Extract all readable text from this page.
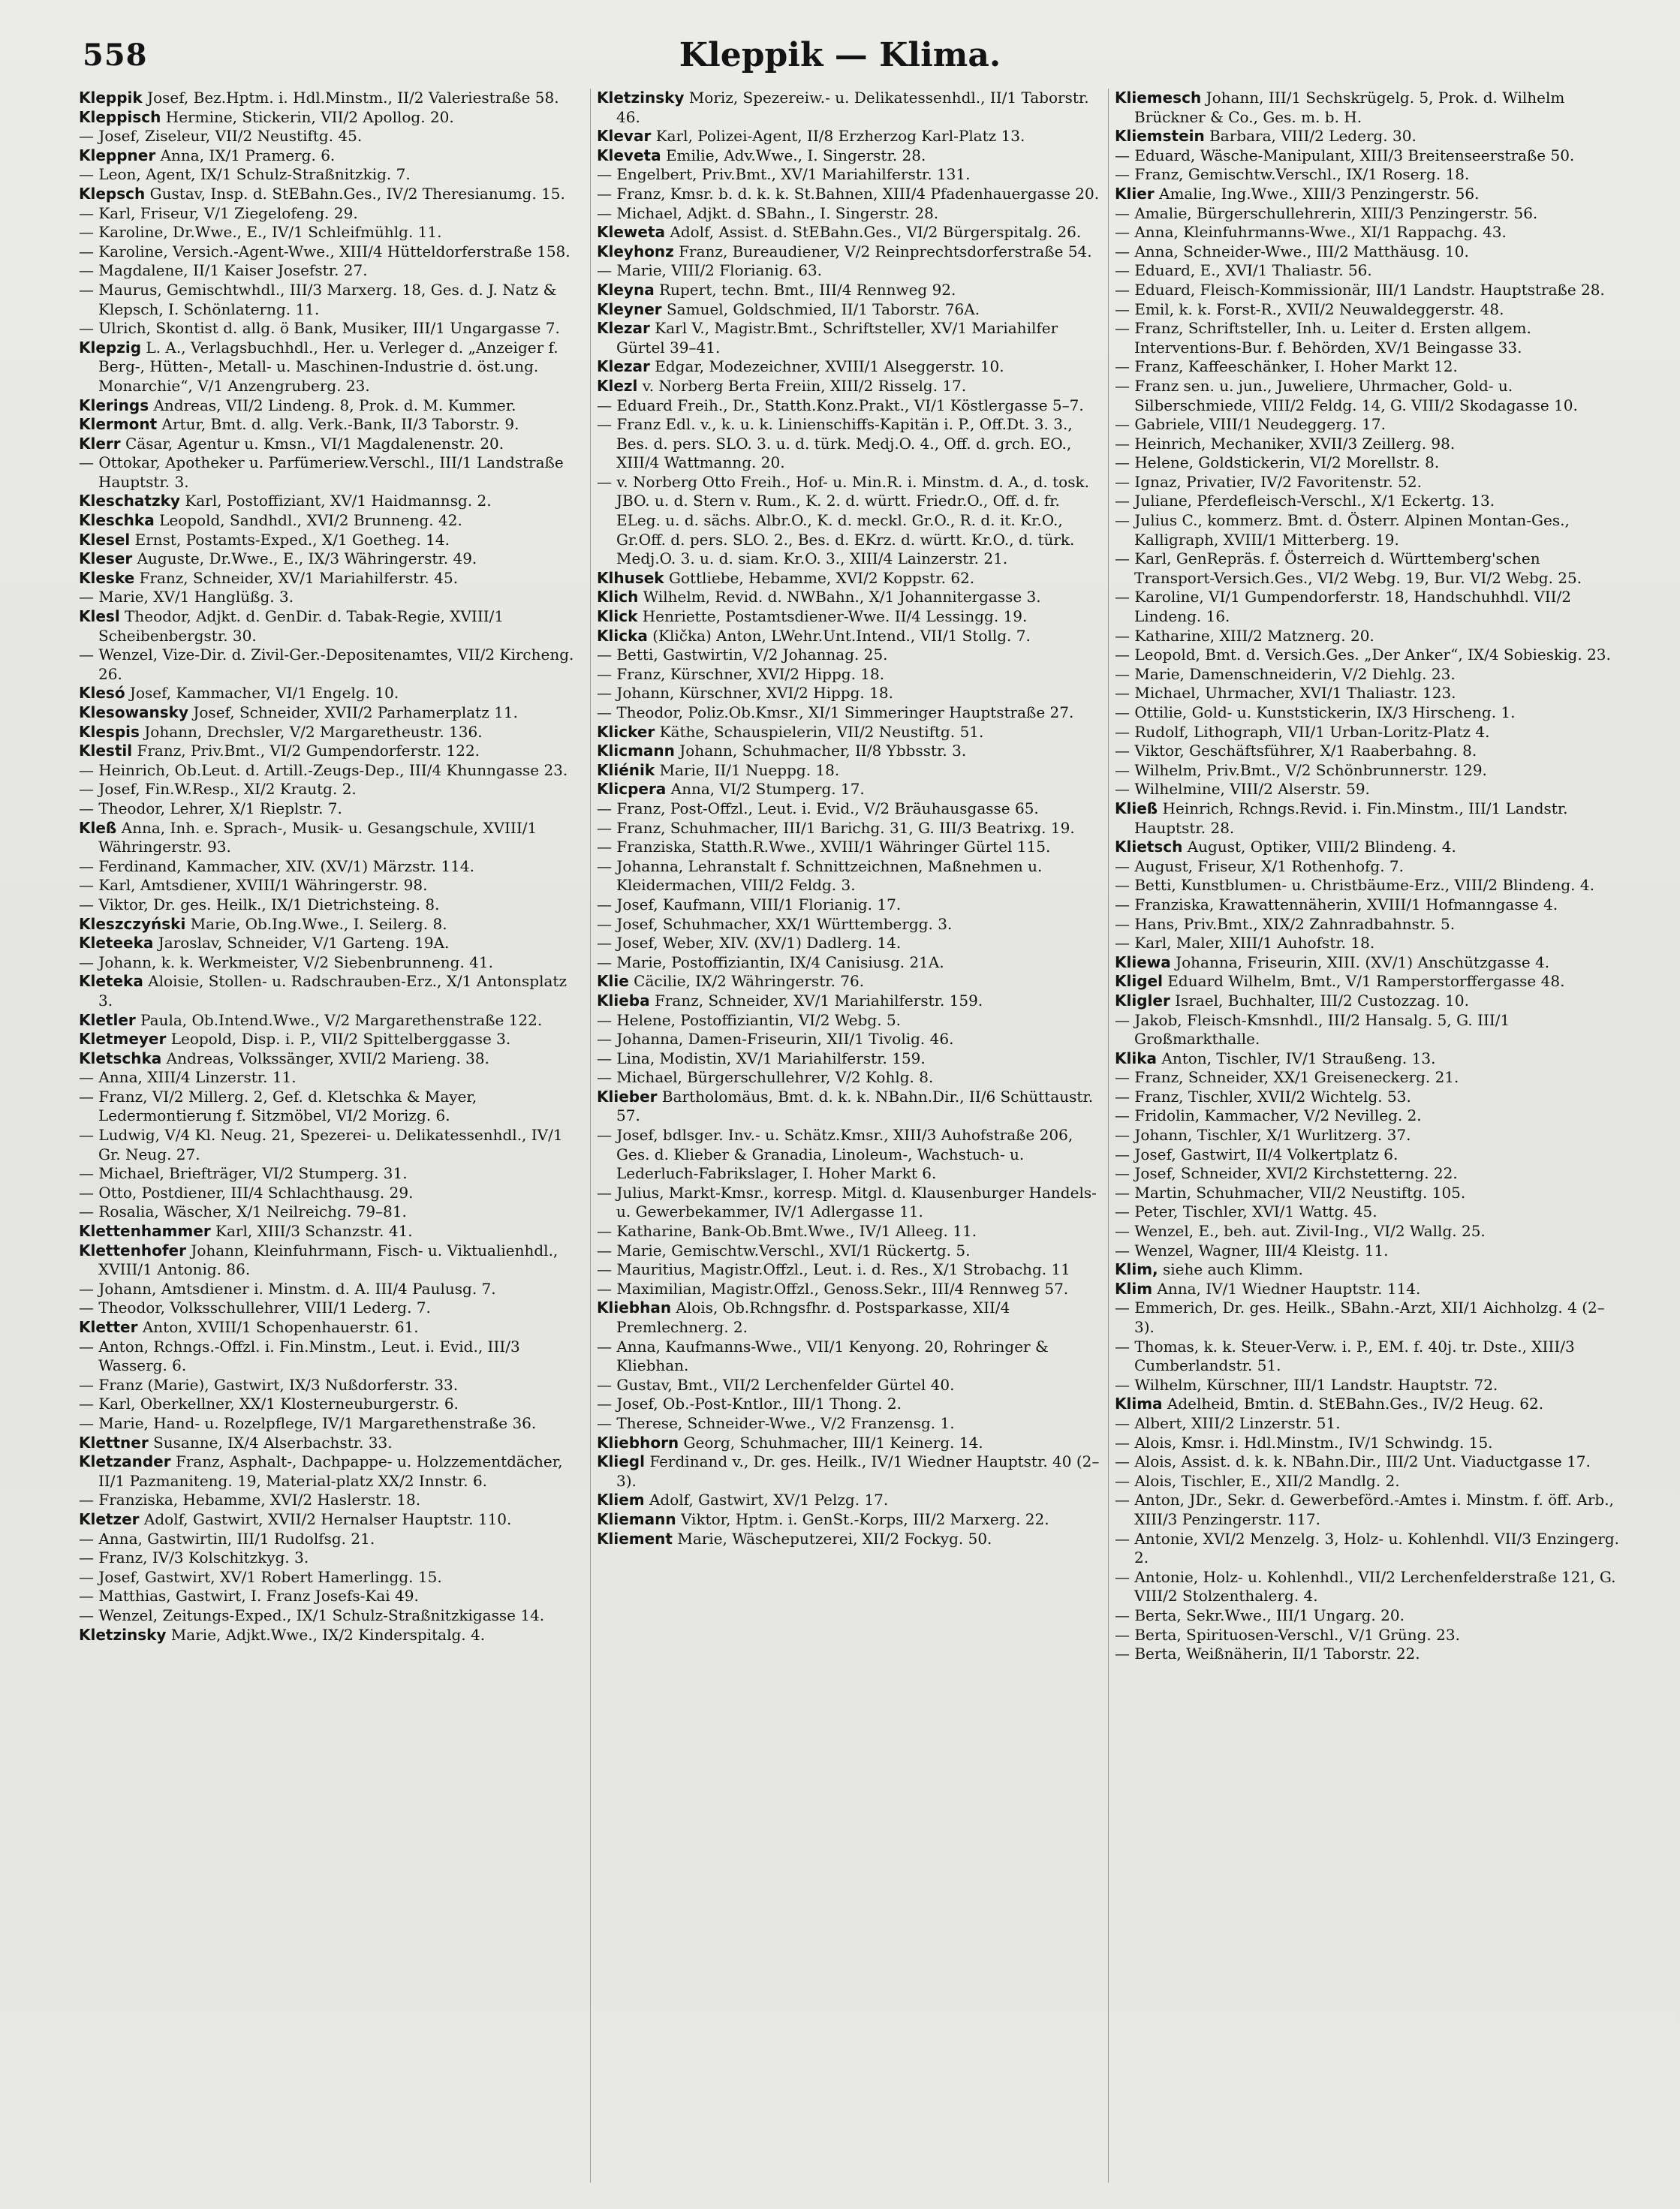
558	Kleppik — Klima.

Kleppik Josef, Bez.Hptm. i. Hdl.Minstm., II/2 Valeriestraße 58.

Kleppisch Hermine, Stickerin, VII/2 Apollog. 20.

— Josef, Ziseleur, VII/2 Neustiftg. 45.

Kleppner Anna, IX/1 Pramerg. 6.

— Leon, Agent, IX/1 Schulz-Straßnitzkig. 7.

Klepsch Gustav, Insp. d. StEBahn.Ges., IV/2 Theresianumg. 15.

— Karl, Friseur, V/1 Ziegelofeng. 29.

— Karoline, Dr.Wwe., E., IV/1 Schleifmühlg. 11.

— Karoline, Versich.-Agent-Wwe., XIII/4 Hütteldorferstraße 158.

— Magdalene, II/1 Kaiser Josefstr. 27.

— Maurus, Gemischtwhdl., III/3 Marxerg. 18, Ges. d. J. Natz & Klepsch, I. Schönlaterng. 11.

— Ulrich, Skontist d. allg. ö Bank, Musiker, III/1 Ungargasse 7.

Klepzig L. A., Verlagsbuchhdl., Her. u. Verleger d. „Anzeiger f. Berg-, Hütten-, Metall- u. Maschinen-Industrie d. öst.ung. Monarchie“, V/1 Anzengruberg. 23.

Klerings Andreas, VII/2 Lindeng. 8, Prok. d. M. Kummer.

Klermont Artur, Bmt. d. allg. Verk.-Bank, II/3 Taborstr. 9.

Klerr Cäsar, Agentur u. Kmsn., VI/1 Magdalenenstr. 20.

— Ottokar, Apotheker u. Parfümeriew.Verschl., III/1 Landstraße Hauptstr. 3.

Kleschatzky Karl, Postoffiziant, XV/1 Haidmannsg. 2.

Kleschka Leopold, Sandhdl., XVI/2 Brunneng. 42.

Klesel Ernst, Postamts-Exped., X/1 Goetheg. 14.

Kleser Auguste, Dr.Wwe., E., IX/3 Währingerstr. 49.

Kleske Franz, Schneider, XV/1 Mariahilferstr. 45.

— Marie, XV/1 Hanglüßg. 3.

Klesl Theodor, Adjkt. d. GenDir. d. Tabak-Regie, XVIII/1 Scheibenbergstr. 30.

— Wenzel, Vize-Dir. d. Zivil-Ger.-Depositenamtes, VII/2 Kircheng. 26.

Klesó Josef, Kammacher, VI/1 Engelg. 10.

Klesowansky Josef, Schneider, XVII/2 Parhamerplatz 11.

Klespis Johann, Drechsler, V/2 Margaretheustr. 136.

Klestil Franz, Priv.Bmt., VI/2 Gumpendorferstr. 122.

— Heinrich, Ob.Leut. d. Artill.-Zeugs-Dep., III/4 Khunngasse 23.

— Josef, Fin.W.Resp., XI/2 Krautg. 2.

— Theodor, Lehrer, X/1 Rieplstr. 7.

Kleß Anna, Inh. e. Sprach-, Musik- u. Gesangschule, XVIII/1 Währingerstr. 93.

— Ferdinand, Kammacher, XIV. (XV/1) Märzstr. 114.

— Karl, Amtsdiener, XVIII/1 Währingerstr. 98.

— Viktor, Dr. ges. Heilk., IX/1 Dietrichsteing. 8.

Kleszczyński Marie, Ob.Ing.Wwe., I. Seilerg. 8.

Kleteeka Jaroslav, Schneider, V/1 Garteng. 19A.

— Johann, k. k. Werkmeister, V/2 Siebenbrunneng. 41.

Kleteka Aloisie, Stollen- u. Radschrauben-Erz., X/1 Antonsplatz 3.

Kletler Paula, Ob.Intend.Wwe., V/2 Margarethenstraße 122.

Kletmeyer Leopold, Disp. i. P., VII/2 Spittelberggasse 3.

Kletschka Andreas, Volkssänger, XVII/2 Marieng. 38.

— Anna, XIII/4 Linzerstr. 11.

— Franz, VI/2 Millerg. 2, Gef. d. Kletschka & Mayer, Ledermontierung f. Sitzmöbel, VI/2 Morizg. 6.

— Ludwig, V/4 Kl. Neug. 21, Spezerei- u. Delikatessenhdl., IV/1 Gr. Neug. 27.

— Michael, Briefträger, VI/2 Stumperg. 31.

— Otto, Postdiener, III/4 Schlachthausg. 29.

— Rosalia, Wäscher, X/1 Neilreichg. 79–81.

Klettenhammer Karl, XIII/3 Schanzstr. 41.

Klettenhofer Johann, Kleinfuhrmann, Fisch- u. Viktualienhdl., XVIII/1 Antonig. 86.

— Johann, Amtsdiener i. Minstm. d. A. III/4 Paulusg. 7.

— Theodor, Volksschullehrer, VIII/1 Lederg. 7.

Kletter Anton, XVIII/1 Schopenhauerstr. 61.

— Anton, Rchngs.-Offzl. i. Fin.Minstm., Leut. i. Evid., III/3 Wasserg. 6.

— Franz (Marie), Gastwirt, IX/3 Nußdorferstr. 33.

— Karl, Oberkellner, XX/1 Klosterneuburgerstr. 6.

— Marie, Hand- u. Rozelpflege, IV/1 Margarethenstraße 36.

Klettner Susanne, IX/4 Alserbachstr. 33.

Kletzander Franz, Asphalt-, Dachpappe- u. Holzzementdächer, II/1 Pazmaniteng. 19, Material-platz XX/2 Innstr. 6.

— Franziska, Hebamme, XVI/2 Haslerstr. 18.

Kletzer Adolf, Gastwirt, XVII/2 Hernalser Hauptstr. 110.

— Anna, Gastwirtin, III/1 Rudolfsg. 21.

— Franz, IV/3 Kolschitzkyg. 3.

— Josef, Gastwirt, XV/1 Robert Hamerlingg. 15.

— Matthias, Gastwirt, I. Franz Josefs-Kai 49.

— Wenzel, Zeitungs-Exped., IX/1 Schulz-Straßnitzkigasse 14.

Kletzinsky Marie, Adjkt.Wwe., IX/2 Kinderspitalg. 4.

Kletzinsky Moriz, Spezereiw.- u. Delikatessenhdl., II/1 Taborstr. 46.

Klevar Karl, Polizei-Agent, II/8 Erzherzog Karl-Platz 13.

Kleveta Emilie, Adv.Wwe., I. Singerstr. 28.

— Engelbert, Priv.Bmt., XV/1 Mariahilferstr. 131.

— Franz, Kmsr. b. d. k. k. St.Bahnen, XIII/4 Pfadenhauergasse 20.

— Michael, Adjkt. d. SBahn., I. Singerstr. 28.

Kleweta Adolf, Assist. d. StEBahn.Ges., VI/2 Bürgerspitalg. 26.

Kleyhonz Franz, Bureaudiener, V/2 Reinprechtsdorferstraße 54.

— Marie, VIII/2 Florianig. 63.

Kleyna Rupert, techn. Bmt., III/4 Rennweg 92.

Kleyner Samuel, Goldschmied, II/1 Taborstr. 76A.

Klezar Karl V., Magistr.Bmt., Schriftsteller, XV/1 Mariahilfer Gürtel 39–41.

Klezar Edgar, Modezeichner, XVIII/1 Alseggerstr. 10.

Klezl v. Norberg Berta Freiin, XIII/2 Risselg. 17.

— Eduard Freih., Dr., Statth.Konz.Prakt., VI/1 Köstlergasse 5–7.

— Franz Edl. v., k. u. k. Linienschiffs-Kapitän i. P., Off.Dt. 3. 3., Bes. d. pers. SLO. 3. u. d. türk. Medj.O. 4., Off. d. grch. EO., XIII/4 Wattmanng. 20.

— v. Norberg Otto Freih., Hof- u. Min.R. i. Minstm. d. A., d. tosk. JBO. u. d. Stern v. Rum., K. 2. d. württ. Friedr.O., Off. d. fr. ELeg. u. d. sächs. Albr.O., K. d. meckl. Gr.O., R. d. it. Kr.O., Gr.Off. d. pers. SLO. 2., Bes. d. EKrz. d. württ. Kr.O., d. türk. Medj.O. 3. u. d. siam. Kr.O. 3., XIII/4 Lainzerstr. 21.

Klhusek Gottliebe, Hebamme, XVI/2 Koppstr. 62.

Klich Wilhelm, Revid. d. NWBahn., X/1 Johannitergasse 3.

Klick Henriette, Postamtsdiener-Wwe. II/4 Lessingg. 19.

Klicka (Klička) Anton, LWehr.Unt.Intend., VII/1 Stollg. 7.

— Betti, Gastwirtin, V/2 Johannag. 25.

— Franz, Kürschner, XVI/2 Hippg. 18.

— Johann, Kürschner, XVI/2 Hippg. 18.

— Theodor, Poliz.Ob.Kmsr., XI/1 Simmeringer Hauptstraße 27.

Klicker Käthe, Schauspielerin, VII/2 Neustiftg. 51.

Klicmann Johann, Schuhmacher, II/8 Ybbsstr. 3.

Kliénik Marie, II/1 Nueppg. 18.

Klicpera Anna, VI/2 Stumperg. 17.

— Franz, Post-Offzl., Leut. i. Evid., V/2 Bräuhausgasse 65.

— Franz, Schuhmacher, III/1 Barichg. 31, G. III/3 Beatrixg. 19.

— Franziska, Statth.R.Wwe., XVIII/1 Währinger Gürtel 115.

— Johanna, Lehranstalt f. Schnittzeichnen, Maßnehmen u. Kleidermachen, VIII/2 Feldg. 3.

— Josef, Kaufmann, VIII/1 Florianig. 17.

— Josef, Schuhmacher, XX/1 Württembergg. 3.

— Josef, Weber, XIV. (XV/1) Dadlerg. 14.

— Marie, Postoffiziantin, IX/4 Canisiusg. 21A.

Klie Cäcilie, IX/2 Währingerstr. 76.

Klieba Franz, Schneider, XV/1 Mariahilferstr. 159.

— Helene, Postoffiziantin, VI/2 Webg. 5.

— Johanna, Damen-Friseurin, XII/1 Tivolig. 46.

— Lina, Modistin, XV/1 Mariahilferstr. 159.

— Michael, Bürgerschullehrer, V/2 Kohlg. 8.

Klieber Bartholomäus, Bmt. d. k. k. NBahn.Dir., II/6 Schüttaustr. 57.

— Josef, bdlsger. Inv.- u. Schätz.Kmsr., XIII/3 Auhofstraße 206, Ges. d. Klieber & Granadia, Linoleum-, Wachstuch- u. Lederluch-Fabrikslager, I. Hoher Markt 6.

— Julius, Markt-Kmsr., korresp. Mitgl. d. Klausenburger Handels- u. Gewerbekammer, IV/1 Adlergasse 11.

— Katharine, Bank-Ob.Bmt.Wwe., IV/1 Alleeg. 11.

— Marie, Gemischtw.Verschl., XVI/1 Rückertg. 5.

— Mauritius, Magistr.Offzl., Leut. i. d. Res., X/1 Strobachg. 11

— Maximilian, Magistr.Offzl., Genoss.Sekr., III/4 Rennweg 57.

Kliebhan Alois, Ob.Rchngsfhr. d. Postsparkasse, XII/4 Premlechnerg. 2.

— Anna, Kaufmanns-Wwe., VII/1 Kenyong. 20, Rohringer & Kliebhan.

— Gustav, Bmt., VII/2 Lerchenfelder Gürtel 40.

— Josef, Ob.-Post-Kntlor., III/1 Thong. 2.

— Therese, Schneider-Wwe., V/2 Franzensg. 1.

Kliebhorn Georg, Schuhmacher, III/1 Keinerg. 14.

Kliegl Ferdinand v., Dr. ges. Heilk., IV/1 Wiedner Hauptstr. 40 (2–3).

Kliem Adolf, Gastwirt, XV/1 Pelzg. 17.

Kliemann Viktor, Hptm. i. GenSt.-Korps, III/2 Marxerg. 22.

Kliement Marie, Wäscheputzerei, XII/2 Fockyg. 50.

Kliemesch Johann, III/1 Sechskrügelg. 5, Prok. d. Wilhelm Brückner & Co., Ges. m. b. H.

Kliemstein Barbara, VIII/2 Lederg. 30.

— Eduard, Wäsche-Manipulant, XIII/3 Breitenseerstraße 50.

— Franz, Gemischtw.Verschl., IX/1 Roserg. 18.

Klier Amalie, Ing.Wwe., XIII/3 Penzingerstr. 56.

— Amalie, Bürgerschullehrerin, XIII/3 Penzingerstr. 56.

— Anna, Kleinfuhrmanns-Wwe., XI/1 Rappachg. 43.

— Anna, Schneider-Wwe., III/2 Matthäusg. 10.

— Eduard, E., XVI/1 Thaliastr. 56.

— Eduard, Fleisch-Kommissionär, III/1 Landstr. Hauptstraße 28.

— Emil, k. k. Forst-R., XVII/2 Neuwaldeggerstr. 48.

— Franz, Schriftsteller, Inh. u. Leiter d. Ersten allgem. Interventions-Bur. f. Behörden, XV/1 Beingasse 33.

— Franz, Kaffeeschänker, I. Hoher Markt 12.

— Franz sen. u. jun., Juweliere, Uhrmacher, Gold- u. Silberschmiede, VIII/2 Feldg. 14, G. VIII/2 Skodagasse 10.

— Gabriele, VIII/1 Neudeggerg. 17.

— Heinrich, Mechaniker, XVII/3 Zeillerg. 98.

— Helene, Goldstickerin, VI/2 Morellstr. 8.

— Ignaz, Privatier, IV/2 Favoritenstr. 52.

— Juliane, Pferdefleisch-Verschl., X/1 Eckertg. 13.

— Julius C., kommerz. Bmt. d. Österr. Alpinen Montan-Ges., Kalligraph, XVIII/1 Mitterberg. 19.

— Karl, GenRepräs. f. Österreich d. Württemberg'schen Transport-Versich.Ges., VI/2 Webg. 19, Bur. VI/2 Webg. 25.

— Karoline, VI/1 Gumpendorferstr. 18, Handschuhhdl. VII/2 Lindeng. 16.

— Katharine, XIII/2 Matznerg. 20.

— Leopold, Bmt. d. Versich.Ges. „Der Anker“, IX/4 Sobieskig. 23.

— Marie, Damenschneiderin, V/2 Diehlg. 23.

— Michael, Uhrmacher, XVI/1 Thaliastr. 123.

— Ottilie, Gold- u. Kunststickerin, IX/3 Hirscheng. 1.

— Rudolf, Lithograph, VII/1 Urban-Loritz-Platz 4.

— Viktor, Geschäftsführer, X/1 Raaberbahng. 8.

— Wilhelm, Priv.Bmt., V/2 Schönbrunnerstr. 129.

— Wilhelmine, VIII/2 Alserstr. 59.

Kließ Heinrich, Rchngs.Revid. i. Fin.Minstm., III/1 Landstr. Hauptstr. 28.

Klietsch August, Optiker, VIII/2 Blindeng. 4.

— August, Friseur, X/1 Rothenhofg. 7.

— Betti, Kunstblumen- u. Christbäume-Erz., VIII/2 Blindeng. 4.

— Franziska, Krawattennäherin, XVIII/1 Hofmanngasse 4.

— Hans, Priv.Bmt., XIX/2 Zahnradbahnstr. 5.

— Karl, Maler, XIII/1 Auhofstr. 18.

Kliewa Johanna, Friseurin, XIII. (XV/1) Anschützgasse 4.

Kligel Eduard Wilhelm, Bmt., V/1 Ramperstorffergasse 48.

Kligler Israel, Buchhalter, III/2 Custozzag. 10.

— Jakob, Fleisch-Kmsnhdl., III/2 Hansalg. 5, G. III/1 Großmarkthalle.

Klika Anton, Tischler, IV/1 Straußeng. 13.

— Franz, Schneider, XX/1 Greiseneckerg. 21.

— Franz, Tischler, XVII/2 Wichtelg. 53.

— Fridolin, Kammacher, V/2 Nevilleg. 2.

— Johann, Tischler, X/1 Wurlitzerg. 37.

— Josef, Gastwirt, II/4 Volkertplatz 6.

— Josef, Schneider, XVI/2 Kirchstetterng. 22.

— Martin, Schuhmacher, VII/2 Neustiftg. 105.

— Peter, Tischler, XVI/1 Wattg. 45.

— Wenzel, E., beh. aut. Zivil-Ing., VI/2 Wallg. 25.

— Wenzel, Wagner, III/4 Kleistg. 11.

Klim, siehe auch Klimm.

Klim Anna, IV/1 Wiedner Hauptstr. 114.

— Emmerich, Dr. ges. Heilk., SBahn.-Arzt, XII/1 Aichholzg. 4 (2–3).

— Thomas, k. k. Steuer-Verw. i. P., EM. f. 40j. tr. Dste., XIII/3 Cumberlandstr. 51.

— Wilhelm, Kürschner, III/1 Landstr. Hauptstr. 72.

Klima Adelheid, Bmtin. d. StEBahn.Ges., IV/2 Heug. 62.

— Albert, XIII/2 Linzerstr. 51.

— Alois, Kmsr. i. Hdl.Minstm., IV/1 Schwindg. 15.

— Alois, Assist. d. k. k. NBahn.Dir., III/2 Unt. Viaductgasse 17.

— Alois, Tischler, E., XII/2 Mandlg. 2.

— Anton, JDr., Sekr. d. Gewerbeförd.-Amtes i. Minstm. f. öff. Arb., XIII/3 Penzingerstr. 117.

— Antonie, XVI/2 Menzelg. 3, Holz- u. Kohlenhdl. VII/3 Enzingerg. 2.

— Antonie, Holz- u. Kohlenhdl., VII/2 Lerchenfelderstraße 121, G. VIII/2 Stolzenthalerg. 4.

— Berta, Sekr.Wwe., III/1 Ungarg. 20.

— Berta, Spirituosen-Verschl., V/1 Grüng. 23.

— Berta, Weißnäherin, II/1 Taborstr. 22.
